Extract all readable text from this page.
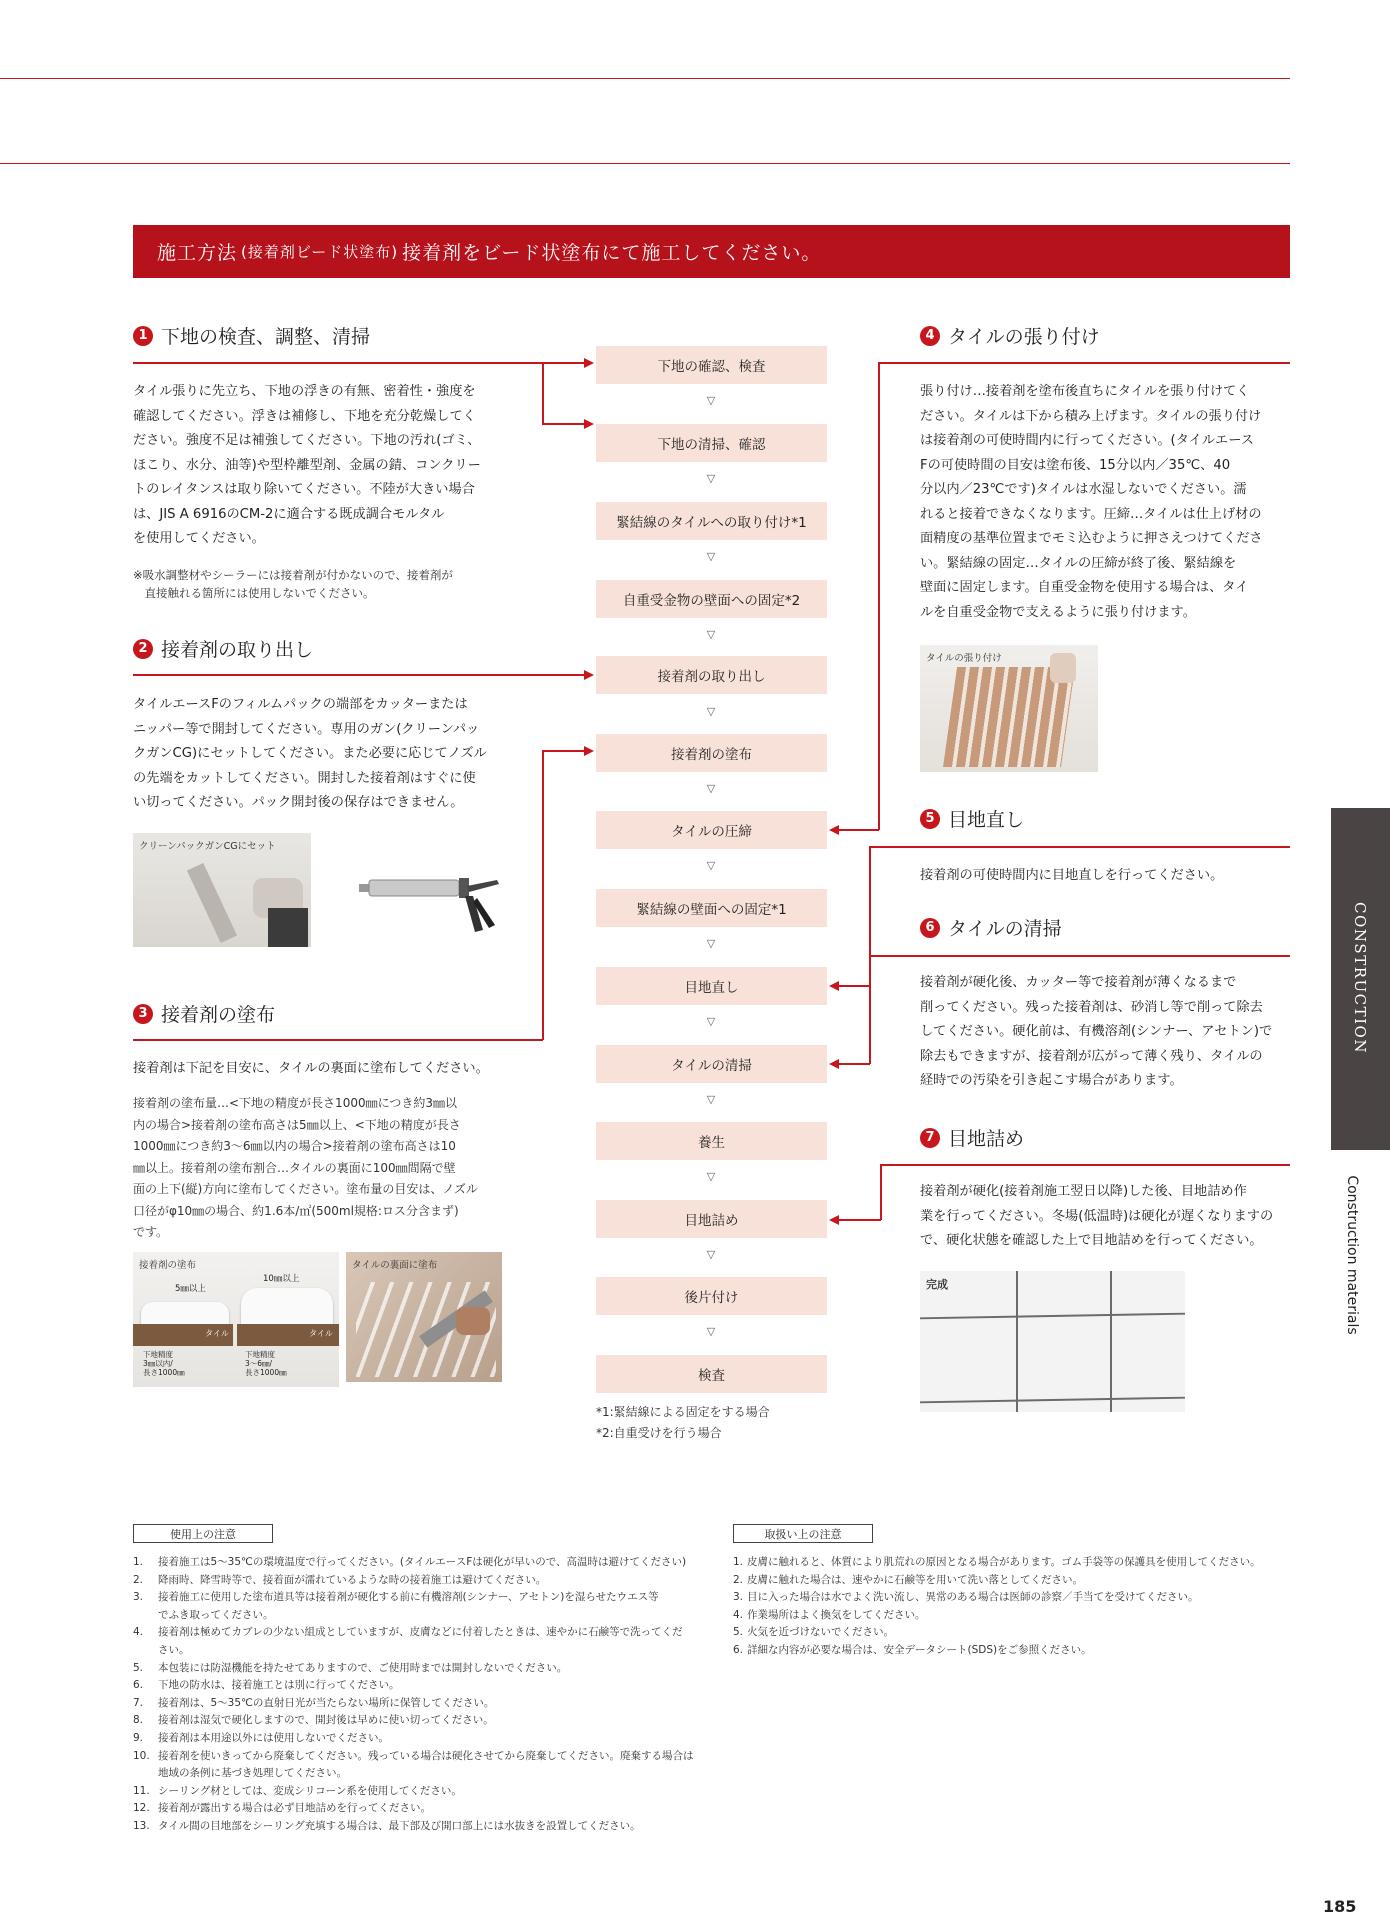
施工方法 (接着剤ビード状塗布) 接着剤をビード状塗布にて施工してください。
1 下地の検査、調整、清掃
タイル張りに先立ち、下地の浮きの有無、密着性・強度を
確認してください。浮きは補修し、下地を充分乾燥してく
ださい。強度不足は補強してください。下地の汚れ(ゴミ、
ほこり、水分、油等)や型枠離型剤、金属の錆、コンクリー
トのレイタンスは取り除いてください。不陸が大きい場合
は、JIS A 6916のCM-2に適合する既成調合モルタル
を使用してください。
※吸水調整材やシーラーには接着剤が付かないので、接着剤が
　直接触れる箇所には使用しないでください。
2 接着剤の取り出し
タイルエースFのフィルムパックの端部をカッターまたは
ニッパー等で開封してください。専用のガン(クリーンパッ
クガンCG)にセットしてください。また必要に応じてノズル
の先端をカットしてください。開封した接着剤はすぐに使
い切ってください。パック開封後の保存はできません。
クリーンパックガンCGにセット
3 接着剤の塗布
接着剤は下記を目安に、タイルの裏面に塗布してください。
接着剤の塗布量…<下地の精度が長さ1000㎜につき約3㎜以
内の場合>接着剤の塗布高さは5㎜以上、<下地の精度が長さ
1000㎜につき約3～6㎜以内の場合>接着剤の塗布高さは10
㎜以上。接着剤の塗布割合…タイルの裏面に100㎜間隔で壁
面の上下(縦)方向に塗布してください。塗布量の目安は、ノズル
口径がφ10㎜の場合、約1.6本/㎡(500ml規格:ロス分含まず)
です。
接着剤の塗布
5㎜以上
10㎜以上
タイル	タイル
下地精度
3㎜以内/
長さ1000㎜
下地精度
3～6㎜/
長さ1000㎜
タイルの裏面に塗布
下地の確認、検査
▽
下地の清掃、確認
▽
緊結線のタイルへの取り付け*1
▽
自重受金物の壁面への固定*2
▽
接着剤の取り出し
▽
接着剤の塗布
▽
タイルの圧締
▽
緊結線の壁面への固定*1
▽
目地直し
▽
タイルの清掃
▽
養生
▽
目地詰め
▽
後片付け
▽
検査
*1:緊結線による固定をする場合
*2:自重受けを行う場合
4 タイルの張り付け
張り付け…接着剤を塗布後直ちにタイルを張り付けてく
ださい。タイルは下から積み上げます。タイルの張り付け
は接着剤の可使時間内に行ってください。(タイルエース
Fの可使時間の目安は塗布後、15分以内／35℃、40
分以内／23℃です)タイルは水湿しないでください。濡
れると接着できなくなります。圧締…タイルは仕上げ材の
面精度の基準位置までモミ込むように押さえつけてくださ
い。緊結線の固定…タイルの圧締が終了後、緊結線を
壁面に固定します。自重受金物を使用する場合は、タイ
ルを自重受金物で支えるように張り付けます。
タイルの張り付け
5 目地直し
接着剤の可使時間内に目地直しを行ってください。
6 タイルの清掃
接着剤が硬化後、カッター等で接着剤が薄くなるまで
削ってください。残った接着剤は、砂消し等で削って除去
してください。硬化前は、有機溶剤(シンナー、アセトン)で
除去もできますが、接着剤が広がって薄く残り、タイルの
経時での汚染を引き起こす場合があります。
7 目地詰め
接着剤が硬化(接着剤施工翌日以降)した後、目地詰め作
業を行ってください。冬場(低温時)は硬化が遅くなりますの
で、硬化状態を確認した上で目地詰めを行ってください。
完成
CONSTRUCTION
Construction materials
使用上の注意
1.	接着施工は5～35℃の環境温度で行ってください。(タイルエースFは硬化が早いので、高温時は避けてください)
2.	降雨時、降雪時等で、接着面が濡れているような時の接着施工は避けてください。
3.	接着施工に使用した塗布道具等は接着剤が硬化する前に有機溶剤(シンナー、アセトン)を湿らせたウエス等
でふき取ってください。
4.	接着剤は極めてカブレの少ない組成としていますが、皮膚などに付着したときは、速やかに石鹸等で洗ってくだ
さい。
5.	本包装には防湿機能を持たせてありますので、ご使用時までは開封しないでください。
6.	下地の防水は、接着施工とは別に行ってください。
7.	接着剤は、5～35℃の直射日光が当たらない場所に保管してください。
8.	接着剤は湿気で硬化しますので、開封後は早めに使い切ってください。
9.	接着剤は本用途以外には使用しないでください。
10. 接着剤を使いきってから廃棄してください。残っている場合は硬化させてから廃棄してください。廃棄する場合は
地域の条例に基づき処理してください。
11. シーリング材としては、変成シリコーン系を使用してください。
12. 接着剤が露出する場合は必ず目地詰めを行ってください。
13. タイル間の目地部をシーリング充填する場合は、最下部及び開口部上には水抜きを設置してください。
取扱い上の注意
1. 皮膚に触れると、体質により肌荒れの原因となる場合があります。ゴム手袋等の保護具を使用してください。
2. 皮膚に触れた場合は、速やかに石鹸等を用いて洗い落としてください。
3. 目に入った場合は水でよく洗い流し、異常のある場合は医師の診察／手当てを受けてください。
4. 作業場所はよく換気をしてください。
5. 火気を近づけないでください。
6. 詳細な内容が必要な場合は、安全データシート(SDS)をご参照ください。
185
